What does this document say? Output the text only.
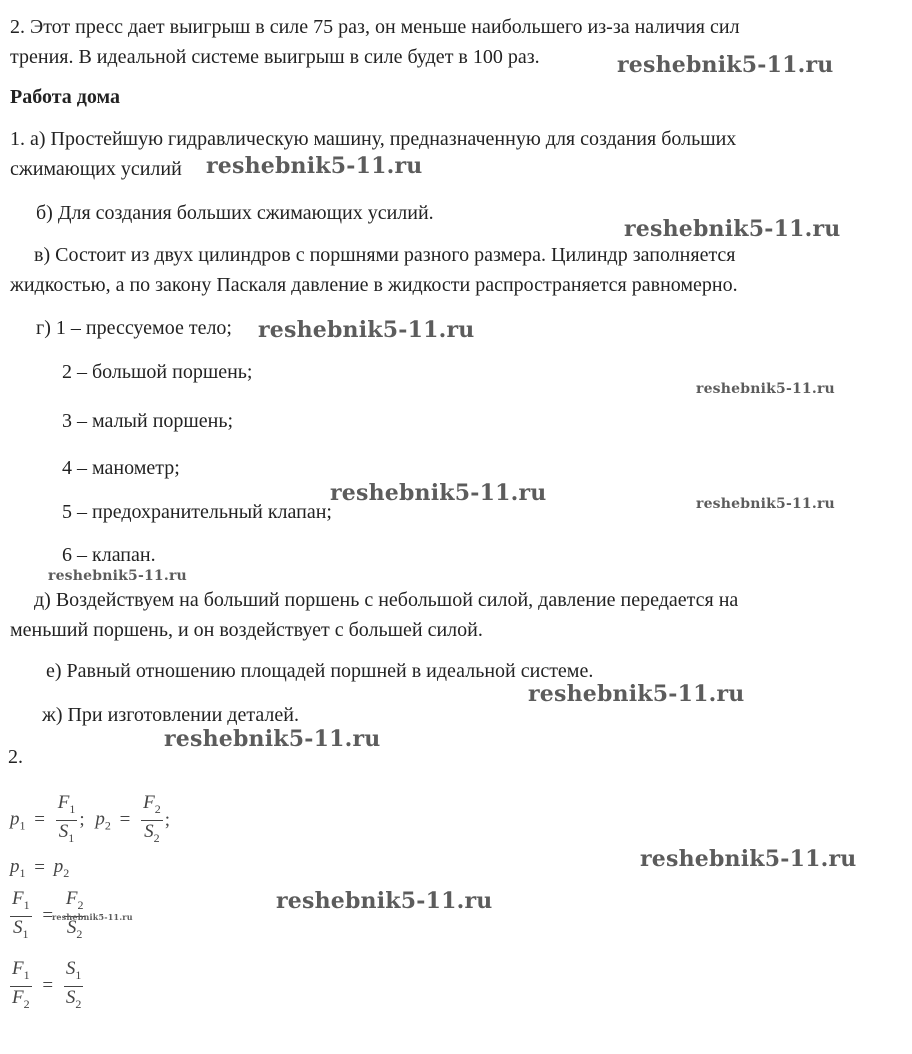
2. Этот пресс дает выигрыш в силе 75 раз, он меньше наибольшего из-за наличия сил
трения. В идеальной системе выигрыш в силе будет в 100 раз.	reshebnik5-11.ru
Работа дома
1. а) Простейшую гидравлическую машину, предназначенную для создания больших
сжимающих усилий	reshebnik5-11.ru
б) Для создания больших сжимающих усилий.
reshebnik5-11.ru
в) Состоит из двух цилиндров с поршнями разного размера. Цилиндр заполняется
жидкостью, а по закону Паскаля давление в жидкости распространяется равномерно.
г) 1 – прессуемое тело; reshebnik5-11.ru
2 – большой поршень;
reshebnik5-11.ru
3 – малый поршень;
4 – манометр;
reshebnik5-11.ru	reshebnik5-11.ru
5 – предохранительный клапан;
6 – клапан.
reshebnik5-11.ru
д) Воздействуем на больший поршень с небольшой силой, давление передается на
меньший поршень, и он воздействует с большей силой.
е) Равный отношению площадей поршней в идеальной системе.
reshebnik5-11.ru
ж) При изготовлении деталей.
reshebnik5-11.ru
2.
$p_1 = \frac{F_1}{S_1}$ ; $p_2 = \frac{F_2}{S_2}$ ;
reshebnik5-11.ru
$p_1 = p_2$
$\frac{F_1}{S_1} = \frac{F_2}{S_2}$
reshebnik5-11.ru
reshebnik5-11.ru
$\frac{F_1}{F_2} = \frac{S_1}{S_2}$
